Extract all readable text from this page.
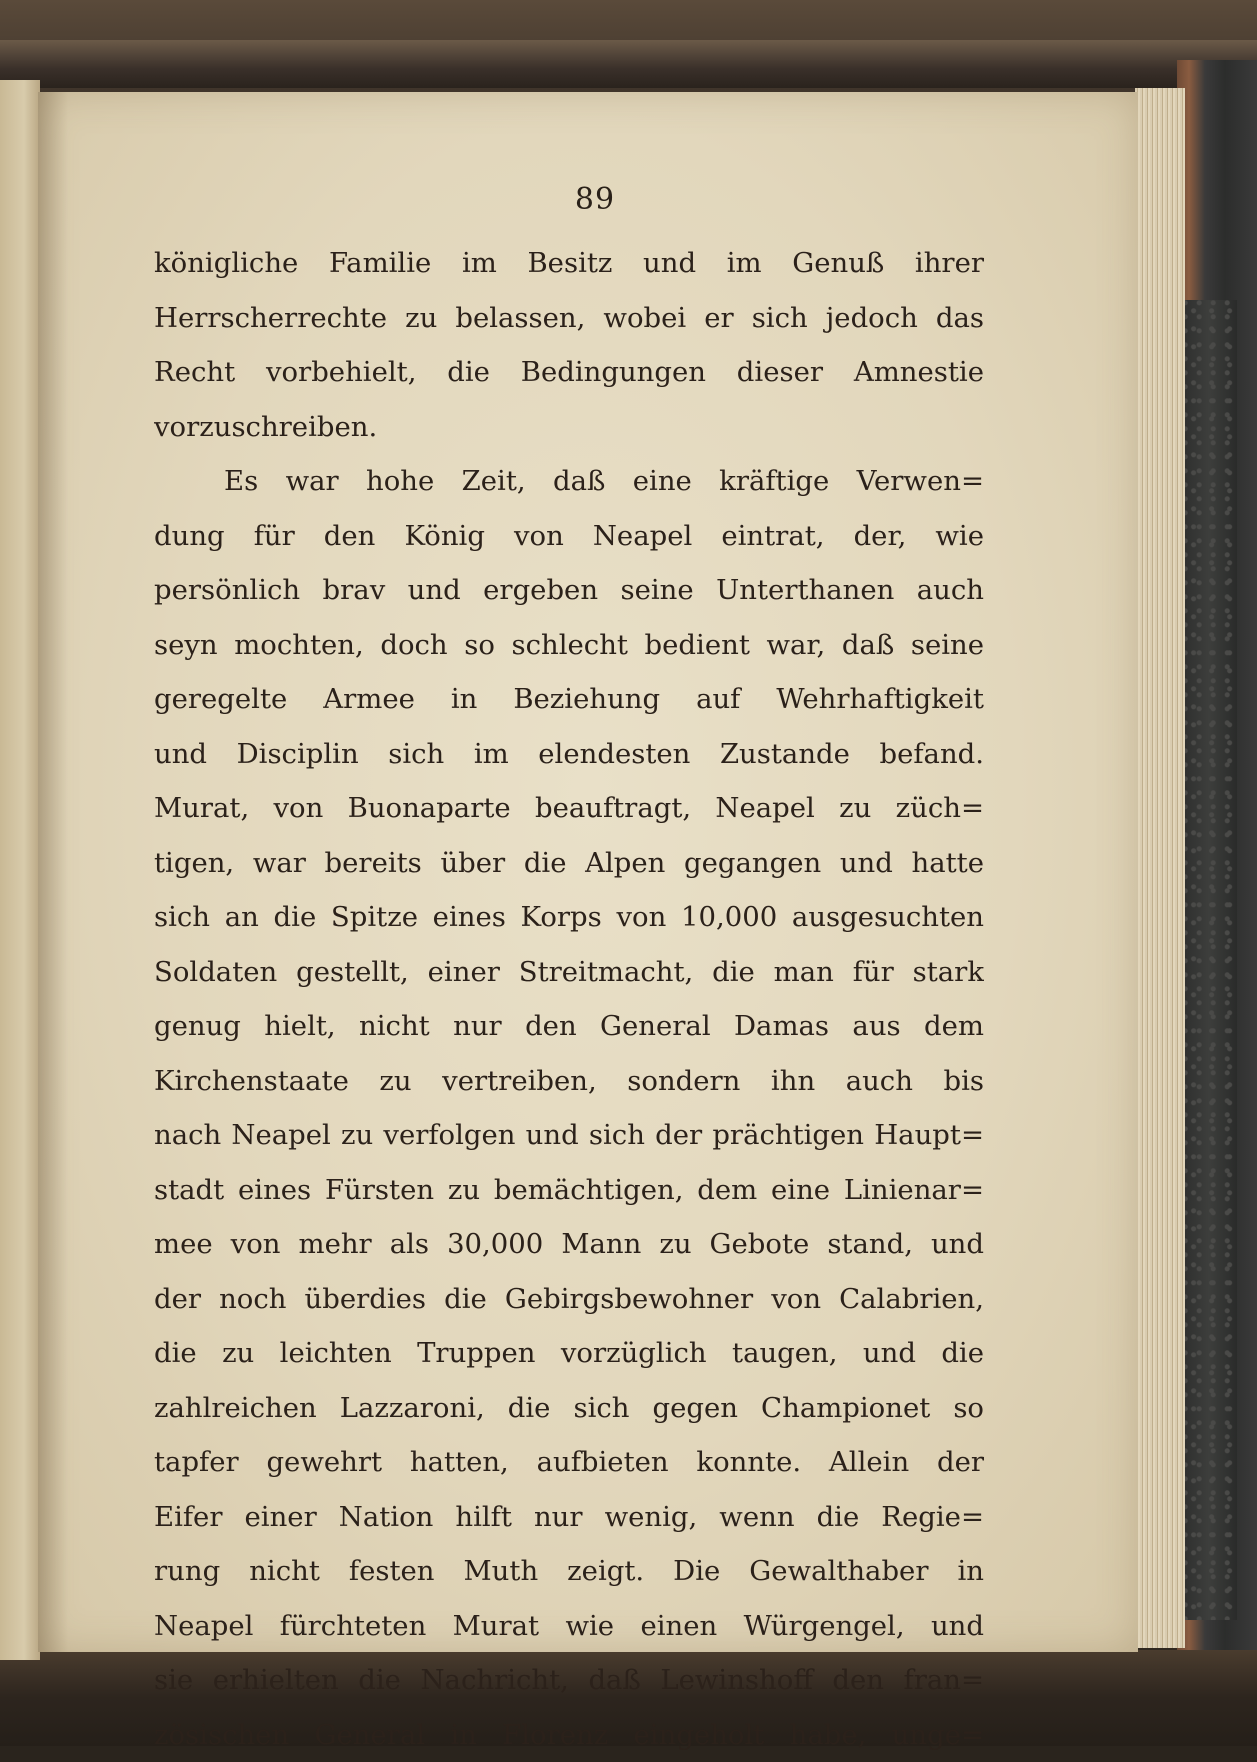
89
königliche Familie im Besitz und im Genuß ihrer
Herrscherrechte zu belassen, wobei er sich jedoch das
Recht vorbehielt, die Bedingungen dieser Amnestie
vorzuschreiben.
Es war hohe Zeit, daß eine kräftige Verwen=
dung für den König von Neapel eintrat, der, wie
persönlich brav und ergeben seine Unterthanen auch
seyn mochten, doch so schlecht bedient war, daß seine
geregelte Armee in Beziehung auf Wehrhaftigkeit
und Disciplin sich im elendesten Zustande befand.
Murat, von Buonaparte beauftragt, Neapel zu züch=
tigen, war bereits über die Alpen gegangen und hatte
sich an die Spitze eines Korps von 10,000 ausgesuchten
Soldaten gestellt, einer Streitmacht, die man für stark
genug hielt, nicht nur den General Damas aus dem
Kirchenstaate zu vertreiben, sondern ihn auch bis
nach Neapel zu verfolgen und sich der prächtigen Haupt=
stadt eines Fürsten zu bemächtigen, dem eine Linienar=
mee von mehr als 30,000 Mann zu Gebote stand, und
der noch überdies die Gebirgsbewohner von Calabrien,
die zu leichten Truppen vorzüglich taugen, und die
zahlreichen Lazzaroni, die sich gegen Championet so
tapfer gewehrt hatten, aufbieten konnte. Allein der
Eifer einer Nation hilft nur wenig, wenn die Regie=
rung nicht festen Muth zeigt. Die Gewalthaber in
Neapel fürchteten Murat wie einen Würgengel, und
sie erhielten die Nachricht, daß Lewinshoff den fran=
zösischen General in Florenz eingeholt habe, unge=
